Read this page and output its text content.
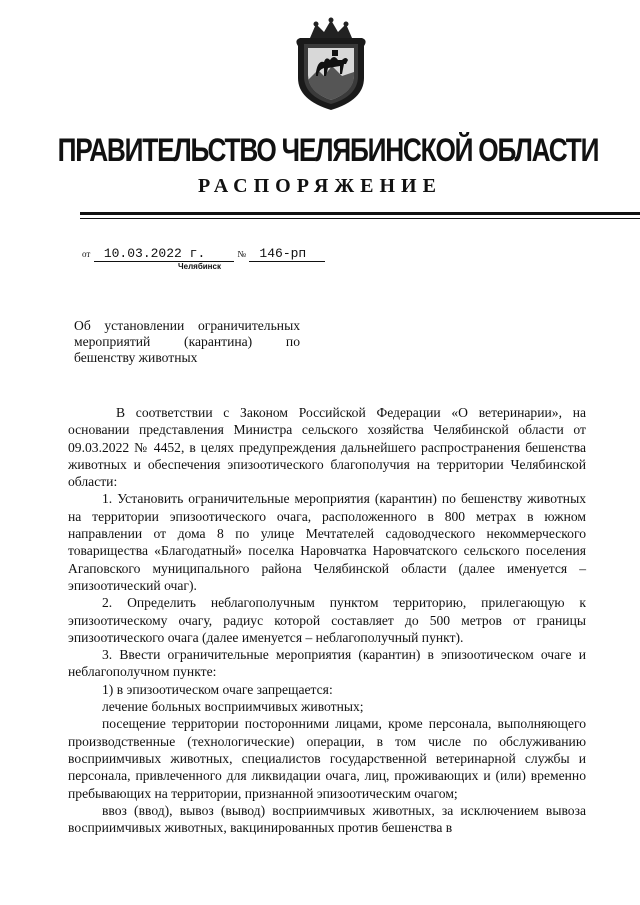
ПРАВИТЕЛЬСТВО ЧЕЛЯБИНСКОЙ ОБЛАСТИ
РАСПОРЯЖЕНИЕ
от 10.03.2022 г.	№ 146-рп
Челябинск
Об установлении ограничительных
мероприятий (карантина) по
бешенству животных

В соответствии с Законом Российской Федерации «О ветеринарии», на основании представления Министра сельского хозяйства Челябинской области от 09.03.2022 № 4452, в целях предупреждения дальнейшего распространения бешенства животных и обеспечения эпизоотического благополучия на территории Челябинской области:

1. Установить ограничительные мероприятия (карантин) по бешенству животных на территории эпизоотического очага, расположенного в 800 метрах в южном направлении от дома 8 по улице Мечтателей садоводческого некоммерческого товарищества «Благодатный» поселка Наровчатка Наровчатского сельского поселения Агаповского муниципального района Челябинской области (далее именуется – эпизоотический очаг).

2. Определить неблагополучным пунктом территорию, прилегающую к эпизоотическому очагу, радиус которой составляет до 500 метров от границы эпизоотического очага (далее именуется – неблагополучный пункт).

3. Ввести ограничительные мероприятия (карантин) в эпизоотическом очаге и неблагополучном пункте:

1) в эпизоотическом очаге запрещается:

лечение больных восприимчивых животных;

посещение территории посторонними лицами, кроме персонала, выполняющего производственные (технологические) операции, в том числе по обслуживанию восприимчивых животных, специалистов государственной ветеринарной службы и персонала, привлеченного для ликвидации очага, лиц, проживающих и (или) временно пребывающих на территории, признанной эпизоотическим очагом;

ввоз (ввод), вывоз (вывод) восприимчивых животных, за исключением вывоза восприимчивых животных, вакцинированных против бешенства в
